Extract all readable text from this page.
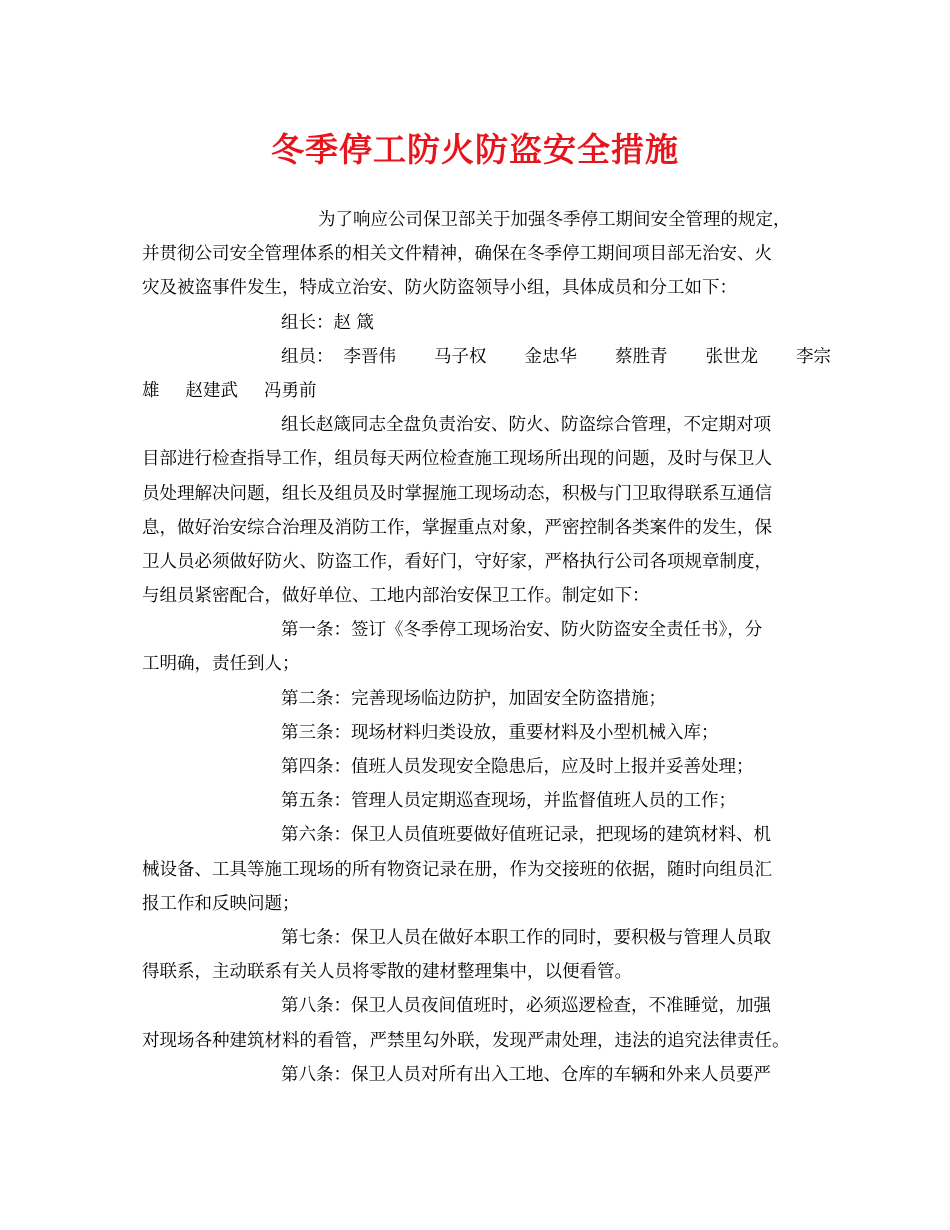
冬季停工防火防盗安全措施
为了响应公司保卫部关于加强冬季停工期间安全管理的规定，
并贯彻公司安全管理体系的相关文件精神，确保在冬季停工期间项目部无治安、火
灾及被盗事件发生，特成立治安、防火防盗领导小组，具体成员和分工如下：
组长：赵 箴
组员： 李晋伟 马子权 金忠华 蔡胜青 张世龙 李宗
雄 赵建武 冯勇前
组长赵箴同志全盘负责治安、防火、防盗综合管理，不定期对项
目部进行检查指导工作，组员每天两位检查施工现场所出现的问题，及时与保卫人
员处理解决问题，组长及组员及时掌握施工现场动态，积极与门卫取得联系互通信
息，做好治安综合治理及消防工作，掌握重点对象，严密控制各类案件的发生，保
卫人员必须做好防火、防盗工作，看好门，守好家，严格执行公司各项规章制度，
与组员紧密配合，做好单位、工地内部治安保卫工作。制定如下：
第一条：签订《冬季停工现场治安、防火防盗安全责任书》，分
工明确，责任到人；
第二条：完善现场临边防护，加固安全防盗措施；
第三条：现场材料归类设放，重要材料及小型机械入库；
第四条：值班人员发现安全隐患后，应及时上报并妥善处理；
第五条：管理人员定期巡查现场，并监督值班人员的工作；
第六条：保卫人员值班要做好值班记录，把现场的建筑材料、机
械设备、工具等施工现场的所有物资记录在册，作为交接班的依据，随时向组员汇
报工作和反映问题；
第七条：保卫人员在做好本职工作的同时，要积极与管理人员取
得联系，主动联系有关人员将零散的建材整理集中，以便看管。
第八条：保卫人员夜间值班时，必须巡逻检查，不准睡觉，加强
对现场各种建筑材料的看管，严禁里勾外联，发现严肃处理，违法的追究法律责任。
第八条：保卫人员对所有出入工地、仓库的车辆和外来人员要严
